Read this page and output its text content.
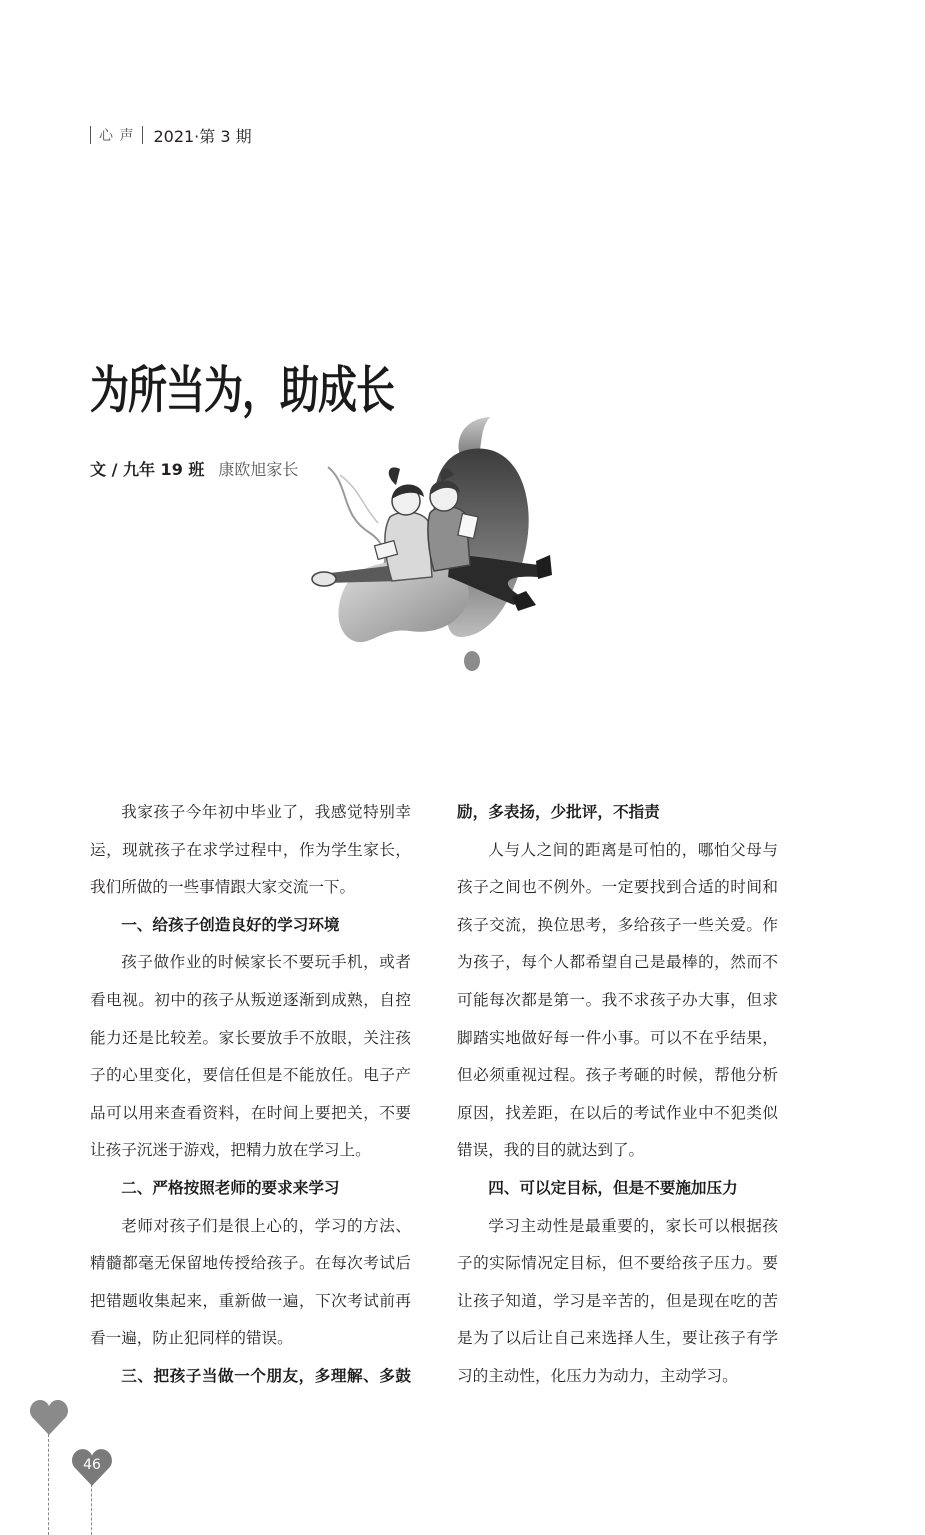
心 声	2021·第 3 期
为所当为，助成长
文 / 九年 19 班 康欧旭家长
我家孩子今年初中毕业了，我感觉特别幸
运，现就孩子在求学过程中，作为学生家长，
我们所做的一些事情跟大家交流一下。
一、给孩子创造良好的学习环境
孩子做作业的时候家长不要玩手机，或者
看电视。初中的孩子从叛逆逐渐到成熟，自控
能力还是比较差。家长要放手不放眼，关注孩
子的心里变化，要信任但是不能放任。电子产
品可以用来查看资料，在时间上要把关，不要
让孩子沉迷于游戏，把精力放在学习上。
二、严格按照老师的要求来学习
老师对孩子们是很上心的，学习的方法、
精髓都毫无保留地传授给孩子。在每次考试后
把错题收集起来，重新做一遍，下次考试前再
看一遍，防止犯同样的错误。
三、把孩子当做一个朋友，多理解、多鼓
励，多表扬，少批评，不指责
人与人之间的距离是可怕的，哪怕父母与
孩子之间也不例外。一定要找到合适的时间和
孩子交流，换位思考，多给孩子一些关爱。作
为孩子，每个人都希望自己是最棒的，然而不
可能每次都是第一。我不求孩子办大事，但求
脚踏实地做好每一件小事。可以不在乎结果，
但必须重视过程。孩子考砸的时候，帮他分析
原因，找差距，在以后的考试作业中不犯类似
错误，我的目的就达到了。
四、可以定目标，但是不要施加压力
学习主动性是最重要的，家长可以根据孩
子的实际情况定目标，但不要给孩子压力。要
让孩子知道，学习是辛苦的，但是现在吃的苦
是为了以后让自己来选择人生，要让孩子有学
习的主动性，化压力为动力，主动学习。
46
